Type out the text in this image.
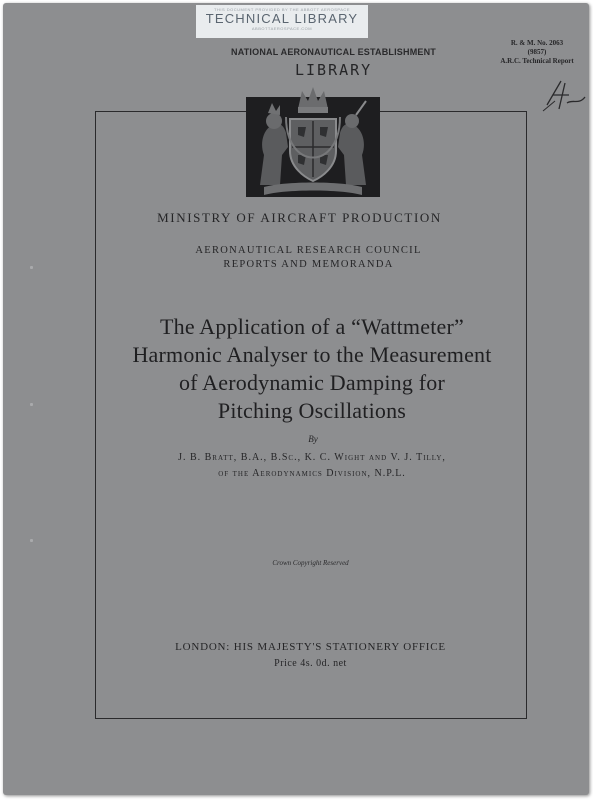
THIS DOCUMENT PROVIDED BY THE ABBOTT AEROSPACE
TECHNICAL LIBRARY
ABBOTTAEROSPACE.COM
NATIONAL AERONAUTICAL ESTABLISHMENT
LIBRARY
R. & M. No. 2063
(9857)
A.R.C. Technical Report
MINISTRY OF AIRCRAFT PRODUCTION
AERONAUTICAL RESEARCH COUNCIL
REPORTS AND MEMORANDA
The Application of a “Wattmeter”
Harmonic Analyser to the Measurement
of Aerodynamic Damping for
Pitching Oscillations
By
J. B. Bratt, B.A., B.Sc., K. C. Wight and V. J. Tilly,
of the Aerodynamics Division, N.P.L.
Crown Copyright Reserved
LONDON: HIS MAJESTY'S STATIONERY OFFICE
Price 4s. 0d. net
